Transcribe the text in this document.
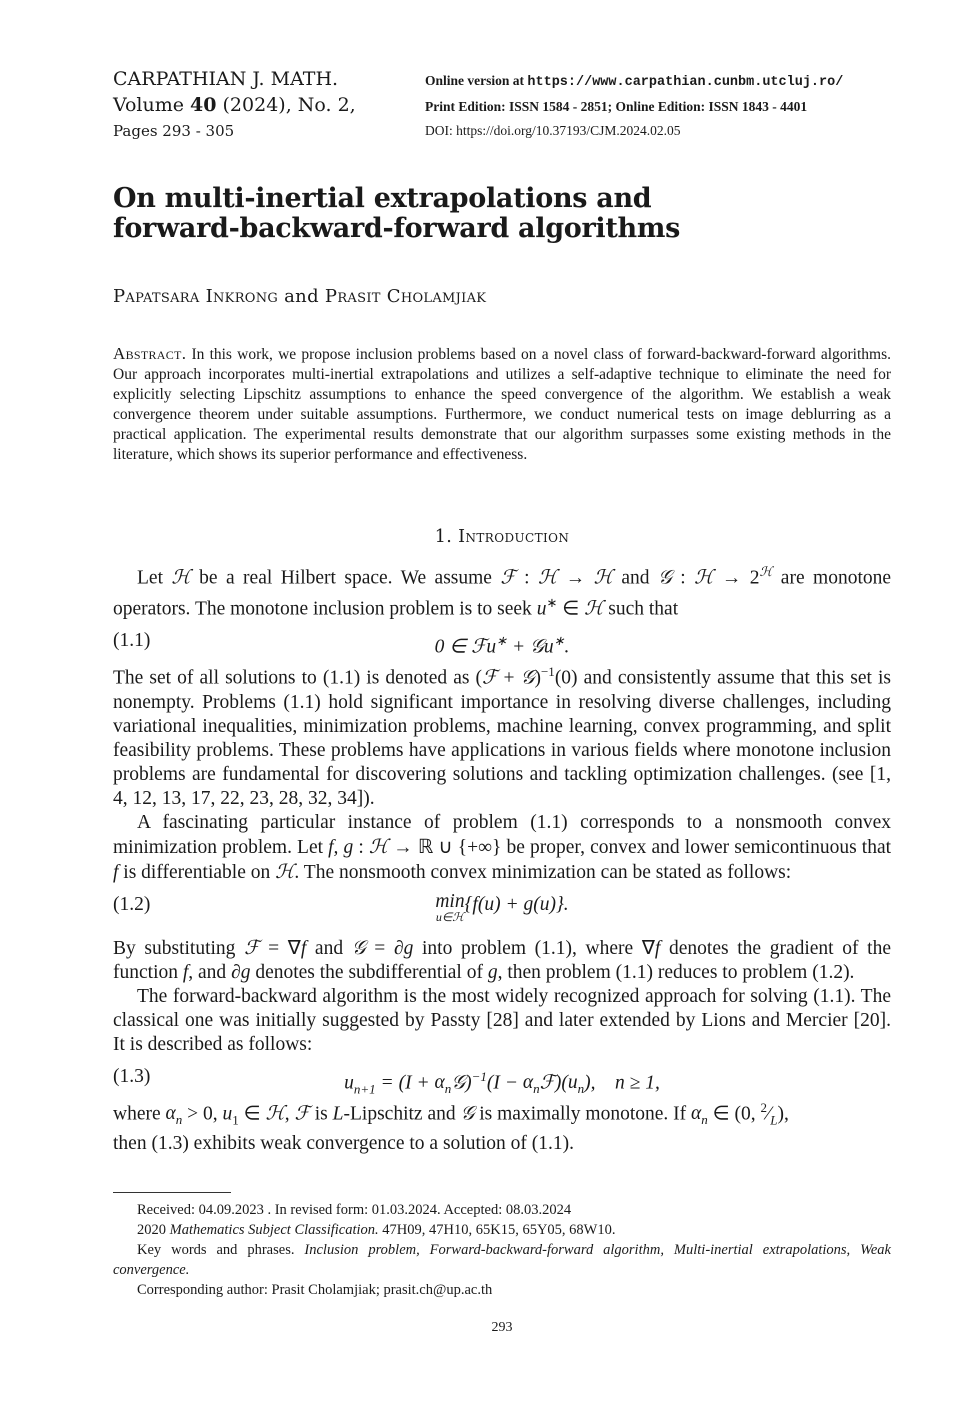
CARPATHIAN J. MATH.
Volume 40 (2024), No. 2,
Pages 293 - 305
Online version at https://www.carpathian.cunbm.utcluj.ro/
Print Edition: ISSN 1584 - 2851; Online Edition: ISSN 1843 - 4401
DOI: https://doi.org/10.37193/CJM.2024.02.05
On multi-inertial extrapolations and
forward-backward-forward algorithms
Papatsara Inkrong and Prasit Cholamjiak
Abstract. In this work, we propose inclusion problems based on a novel class of forward-backward-forward algorithms. Our approach incorporates multi-inertial extrapolations and utilizes a self-adaptive technique to eliminate the need for explicitly selecting Lipschitz assumptions to enhance the speed convergence of the algorithm. We establish a weak convergence theorem under suitable assumptions. Furthermore, we conduct numerical tests on image deblurring as a practical application. The experimental results demonstrate that our algorithm surpasses some existing methods in the literature, which shows its superior performance and effectiveness.
1. Introduction

Let ℋ be a real Hilbert space. We assume ℱ : ℋ → ℋ and 𝒢 : ℋ → $2^ℋ$ are monotone operators. The monotone inclusion problem is to seek u∗ ∈ ℋ such that

(1.1)	0 ∈ ℱu∗ + 𝒢u∗.

The set of all solutions to (1.1) is denoted as (ℱ + 𝒢)$^{-1}$(0) and consistently assume that this set is nonempty. Problems (1.1) hold significant importance in resolving diverse challenges, including variational inequalities, minimization problems, machine learning, convex programming, and split feasibility problems. These problems have applications in various fields where monotone inclusion problems are fundamental for discovering solutions and tackling optimization challenges. (see [1, 4, 12, 13, 17, 22, 23, 28, 32, 34]).

A fascinating particular instance of problem (1.1) corresponds to a nonsmooth convex minimization problem. Let f, g : ℋ → ℝ ∪ {+∞} be proper, convex and lower semicontinuous that f is differentiable on ℋ. The nonsmooth convex minimization can be stated as follows:

(1.2)	min
u∈ℋ
{f(u) + g(u)}.

By substituting ℱ = ∇f and 𝒢 = ∂g into problem (1.1), where ∇f denotes the gradient of the function f, and ∂g denotes the subdifferential of g, then problem (1.1) reduces to problem (1.2).

The forward-backward algorithm is the most widely recognized approach for solving (1.1). The classical one was initially suggested by Passty [28] and later extended by Lions and Mercier [20]. It is described as follows:

(1.3)	$u_{n+1} = (I$ + $\alpha_n𝒢)^{-1}(I$ − $\alpha_nℱ)(u_n)$,    n ≥ 1,

where $\alpha_n > 0$, $u_1$ ∈ ℋ, ℱ is L-Lipschitz and 𝒢 is maximally monotone. If $\alpha_n$ ∈ (0, $^2⁄_L$),
then (1.3) exhibits weak convergence to a solution of (1.1).

Received: 04.09.2023 . In revised form: 01.03.2024. Accepted: 08.03.2024

2020 Mathematics Subject Classification. 47H09, 47H10, 65K15, 65Y05, 68W10.

Key words and phrases. Inclusion problem, Forward-backward-forward algorithm, Multi-inertial extrapolations, Weak convergence.

Corresponding author: Prasit Cholamjiak; prasit.ch@up.ac.th

293
